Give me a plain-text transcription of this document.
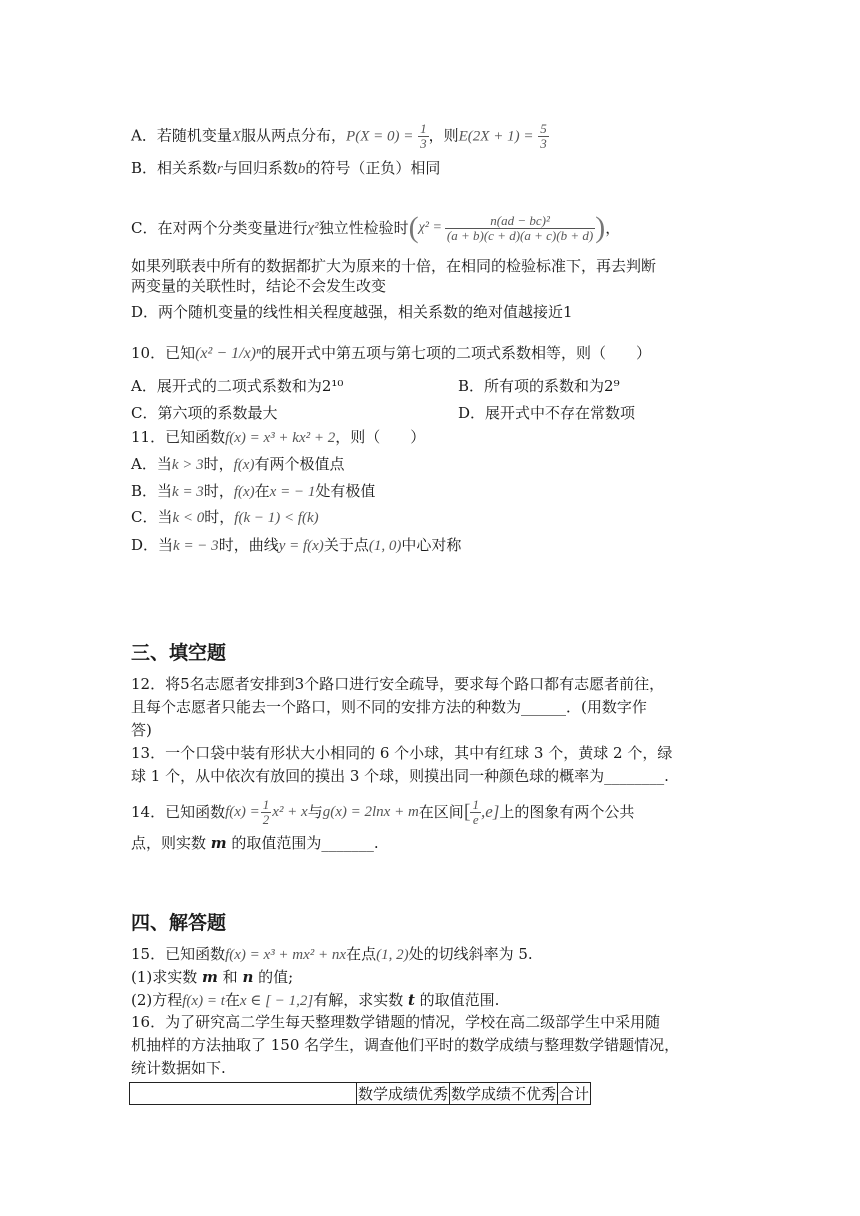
A．若随机变量X服从两点分布，$P(X = 0) = \frac{1}{3}$ ，则$E(2X + 1) = \frac{5}{3}$
B．相关系数r与回归系数b的符号（正负）相同
C．在对两个分类变量进行 χ² 独立性检验时 ( $\chi^2 = \frac{\text{n(ad − bc)²}}{(a + b)(c + d)(a + c)(b + d)}$ ) ，
如果列联表中所有的数据都扩大为原来的十倍，在相同的检验标准下，再去判断
两变量的关联性时，结论不会发生改变
D．两个随机变量的线性相关程度越强，相关系数的绝对值越接近1
10．已知(x² − 1/x)ⁿ的展开式中第五项与第七项的二项式系数相等，则（　　）
A．展开式的二项式系数和为2¹⁰	B．所有项的系数和为2⁹
C．第六项的系数最大	D．展开式中不存在常数项
11．已知函数f(x) = x³ + kx² + 2，则（　　）
A．当k > 3时，f(x)有两个极值点
B．当k = 3时，f(x)在x = − 1处有极值
C．当k < 0时，f(k − 1) < f(k)
D．当k = − 3时，曲线y = f(x)关于点(1, 0)中心对称
三、填空题
12．将5名志愿者安排到3个路口进行安全疏导，要求每个路口都有志愿者前往，
且每个志愿者只能去一个路口，则不同的安排方法的种数为______．(用数字作
答)
13．一个口袋中装有形状大小相同的 6 个小球，其中有红球 3 个，黄球 2 个，绿
球 1 个，从中依次有放回的摸出 3 个球，则摸出同一种颜色球的概率为________.
14．已知函数 $f(x) = \frac{1}{2} x^2 + x$ 与 g(x) = 2lnx + m 在区间 [ $\frac{1}{e} ,e$] 上的图象有两个公共
点，则实数 m 的取值范围为_______.
四、解答题
15．已知函数f(x) = x³ + mx² + nx在点(1, 2)处的切线斜率为 5.
(1)求实数 m 和 n 的值;
(2)方程f(x) = t在x ∈ [ − 1,2]有解，求实数 t 的取值范围.
16．为了研究高二学生每天整理数学错题的情况，学校在高二级部学生中采用随
机抽样的方法抽取了 150 名学生，调查他们平时的数学成绩与整理数学错题情况，
统计数据如下.
	数学成绩优秀	数学成绩不优秀	合计
